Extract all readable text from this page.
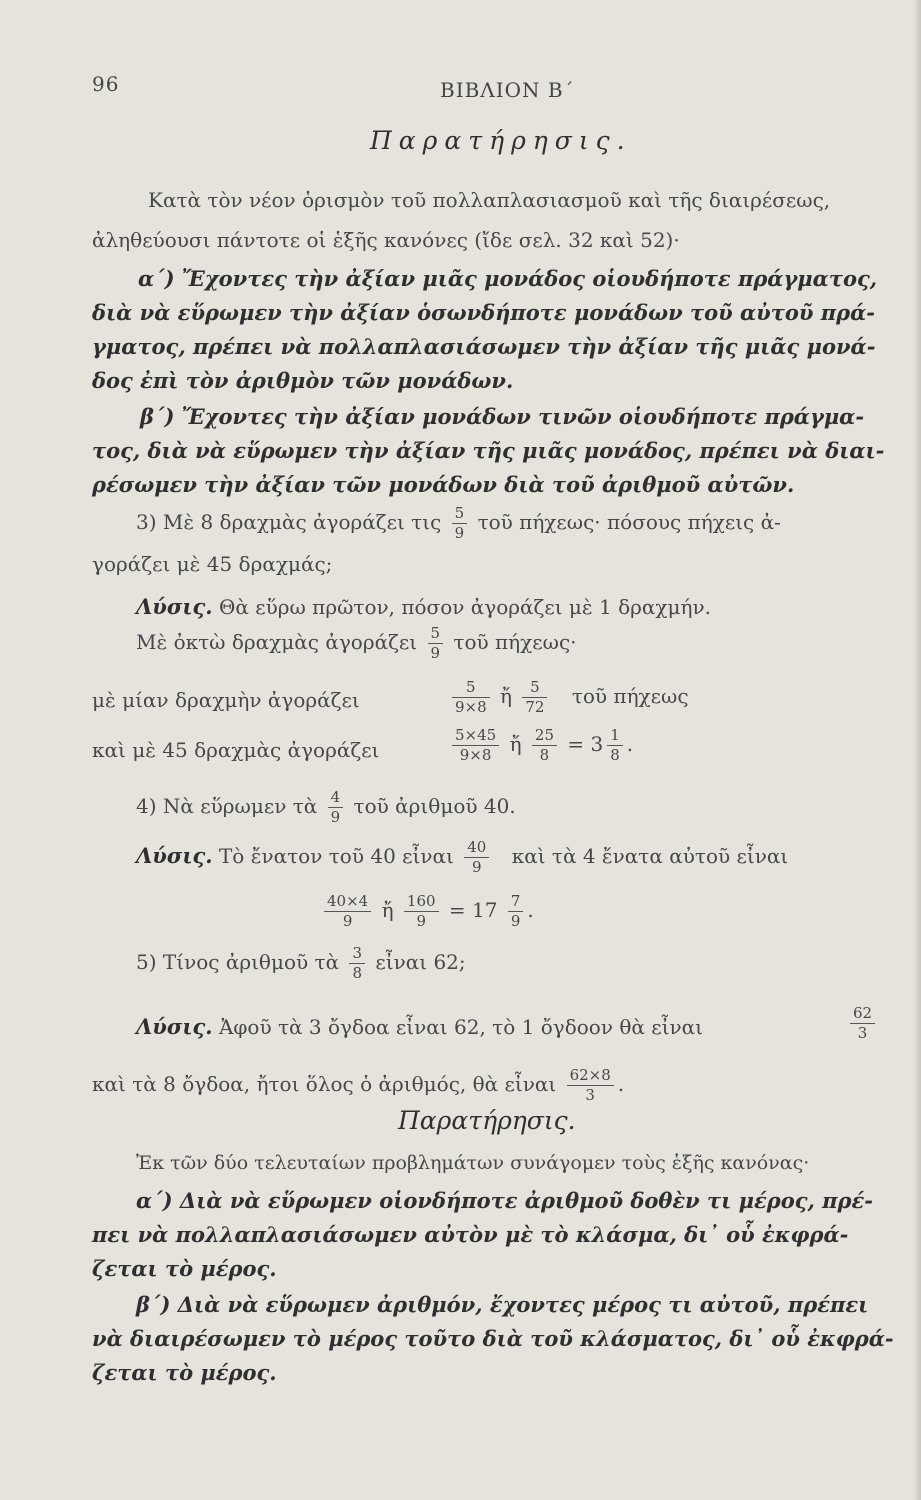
96	ΒΙΒΛΙΟΝ Β΄
Παρατήρησις.
Κατὰ τὸν νέον ὁρισμὸν τοῦ πολλαπλασιασμοῦ καὶ τῆς διαιρέσεως,
ἀληθεύουσι πάντοτε οἱ ἑξῆς κανόνες (ἴδε σελ. 32 καὶ 52)·
α΄) Ἔχοντες τὴν ἀξίαν μιᾶς μονάδος οἱουδήποτε πράγματος,
διὰ νὰ εὕρωμεν τὴν ἀξίαν ὁσωνδήποτε μονάδων τοῦ αὐτοῦ πρά-
γματος, πρέπει νὰ πολλαπλασιάσωμεν τὴν ἀξίαν τῆς μιᾶς μονά-
δος ἐπὶ τὸν ἀριθμὸν τῶν μονάδων.
β΄) Ἔχοντες τὴν ἀξίαν μονάδων τινῶν οἱουδήποτε πράγμα-
τος, διὰ νὰ εὕρωμεν τὴν ἀξίαν τῆς μιᾶς μονάδος, πρέπει νὰ διαι-
ρέσωμεν τὴν ἀξίαν τῶν μονάδων διὰ τοῦ ἀριθμοῦ αὐτῶν.
3) Μὲ 8 δραχμὰς ἀγοράζει τις $\frac{5}{9}$ τοῦ πήχεως· πόσους πήχεις ἀ-
γοράζει μὲ 45 δραχμάς;
Λύσις. Θὰ εὕρω πρῶτον, πόσον ἀγοράζει μὲ 1 δραχμήν.
Μὲ ὀκτὼ δραχμὰς ἀγοράζει $\frac{5}{9}$ τοῦ πήχεως·
μὲ μίαν δραχμὴν ἀγοράζει	$\frac{5}{9\times 8}$ ἤ $\frac{5}{72}$ τοῦ πήχεως
καὶ μὲ 45 δραχμὰς ἀγοράζει	$\frac{5\times 45}{9\times 8}$ ἤ $\frac{25}{8} = 3 \frac{1}{8}$ .
4) Νὰ εὕρωμεν τὰ $\frac{4}{9}$ τοῦ ἀριθμοῦ 40.
Λύσις. Τὸ ἔνατον τοῦ 40 εἶναι $\frac{40}{9}$ καὶ τὰ 4 ἔνατα αὐτοῦ εἶναι
$\frac{40\times 4}{9}$ ἤ $\frac{160}{9} = 17 \frac{7}{9}$ .
5) Τίνος ἀριθμοῦ τὰ $\frac{3}{8}$ εἶναι 62;
Λύσις. Ἀφοῦ τὰ 3 ὄγδοα εἶναι 62, τὸ 1 ὄγδοον θὰ εἶναι	$\frac{62}{3}$
καὶ τὰ 8 ὄγδοα, ἤτοι ὅλος ὁ ἀριθμός, θὰ εἶναι $\frac{62\times 8}{3}$ .
Παρατήρησις.
Ἐκ τῶν δύο τελευταίων προβλημάτων συνάγομεν τοὺς ἑξῆς κανόνας·
α΄) Διὰ νὰ εὕρωμεν οἱονδήποτε ἀριθμοῦ δοθὲν τι μέρος, πρέ-
πει νὰ πολλαπλασιάσωμεν αὐτὸν μὲ τὸ κλάσμα, δι᾽ οὗ ἐκφρά-
ζεται τὸ μέρος.
β΄) Διὰ νὰ εὕρωμεν ἀριθμόν, ἔχοντες μέρος τι αὐτοῦ, πρέπει
νὰ διαιρέσωμεν τὸ μέρος τοῦτο διὰ τοῦ κλάσματος, δι᾽ οὗ ἐκφρά-
ζεται τὸ μέρος.
